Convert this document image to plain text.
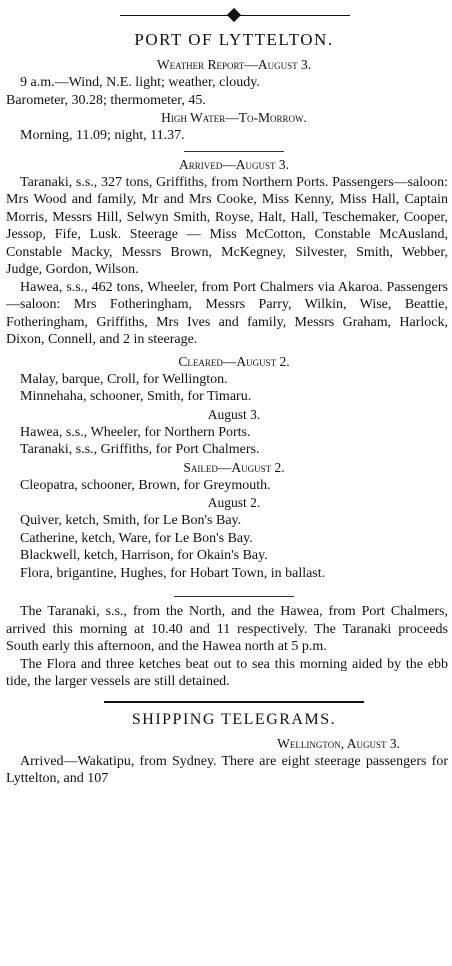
PORT OF LYTTELTON.
Weather Report—August 3.

9 a.m.—Wind, N.E. light; weather, cloudy.

Barometer, 30.28; thermometer, 45.

High Water—To-Morrow.

Morning, 11.09; night, 11.37.

Arrived—August 3.

Taranaki, s.s., 327 tons, Griffiths, from Northern Ports. Passengers—saloon: Mrs Wood and family, Mr and Mrs Cooke, Miss Kenny, Miss Hall, Captain Morris, Messrs Hill, Selwyn Smith, Royse, Halt, Hall, Teschemaker, Cooper, Jessop, Fife, Lusk. Steerage — Miss McCotton, Constable McAusland, Constable Macky, Messrs Brown, McKegney, Silvester, Smith, Webber, Judge, Gordon, Wilson.

Hawea, s.s., 462 tons, Wheeler, from Port Chalmers via Akaroa. Passengers—saloon: Mrs Fotheringham, Messrs Parry, Wilkin, Wise, Beattie, Fotheringham, Griffiths, Mrs Ives and family, Messrs Graham, Harlock, Dixon, Connell, and 2 in steerage.

Cleared—August 2.

Malay, barque, Croll, for Wellington.

Minnehaha, schooner, Smith, for Timaru.

August 3.

Hawea, s.s., Wheeler, for Northern Ports.

Taranaki, s.s., Griffiths, for Port Chalmers.

Sailed—August 2.

Cleopatra, schooner, Brown, for Greymouth.

August 2.

Quiver, ketch, Smith, for Le Bon's Bay.

Catherine, ketch, Ware, for Le Bon's Bay.

Blackwell, ketch, Harrison, for Okain's Bay.

Flora, brigantine, Hughes, for Hobart Town, in ballast.

The Taranaki, s.s., from the North, and the Hawea, from Port Chalmers, arrived this morning at 10.40 and 11 respectively. The Taranaki proceeds South early this afternoon, and the Hawea north at 5 p.m.

The Flora and three ketches beat out to sea this morning aided by the ebb tide, the larger vessels are still detained.

SHIPPING TELEGRAMS.
Wellington, August 3.

Arrived—Wakatipu, from Sydney. There are eight steerage passengers for Lyttelton, and 107
